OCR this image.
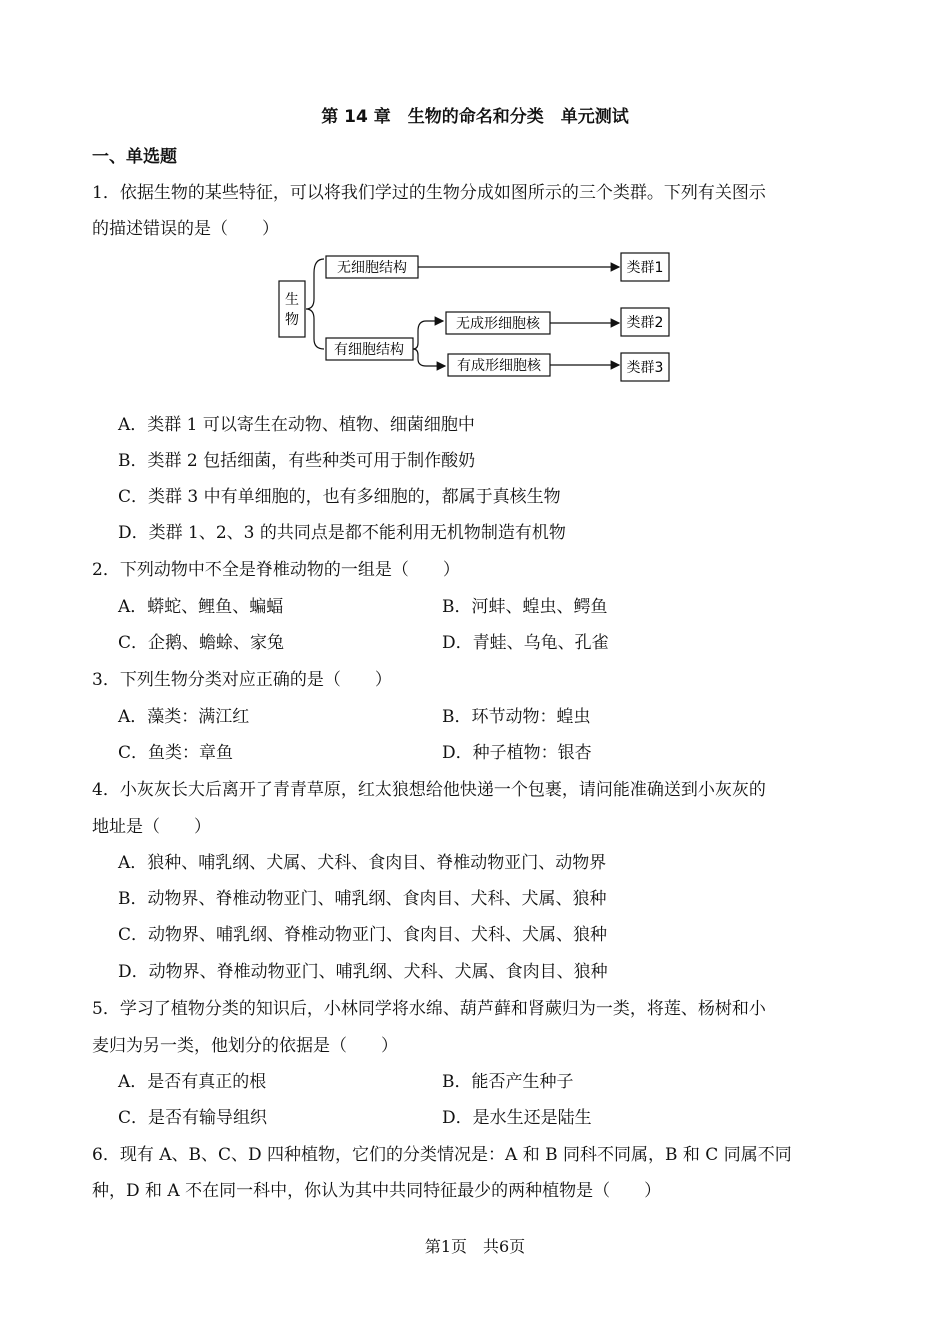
第 14 章　生物的命名和分类　单元测试
一、单选题
1．依据生物的某些特征，可以将我们学过的生物分成如图所示的三个类群。下列有关图示
的描述错误的是（　　）
生
物
无细胞结构
有细胞结构
无成形细胞核
有成形细胞核
类群1
类群2
类群3
A．类群 1 可以寄生在动物、植物、细菌细胞中
B．类群 2 包括细菌，有些种类可用于制作酸奶
C．类群 3 中有单细胞的，也有多细胞的，都属于真核生物
D．类群 1、2、3 的共同点是都不能利用无机物制造有机物
2．下列动物中不全是脊椎动物的一组是（　　）
A．蟒蛇、鲤鱼、蝙蝠	B．河蚌、蝗虫、鳄鱼
C．企鹅、蟾蜍、家兔	D．青蛙、乌龟、孔雀
3．下列生物分类对应正确的是（　　）
A．藻类：满江红	B．环节动物：蝗虫
C．鱼类：章鱼	D．种子植物：银杏
4．小灰灰长大后离开了青青草原，红太狼想给他快递一个包裹，请问能准确送到小灰灰的
地址是（　　）
A．狼种、哺乳纲、犬属、犬科、食肉目、脊椎动物亚门、动物界
B．动物界、脊椎动物亚门、哺乳纲、食肉目、犬科、犬属、狼种
C．动物界、哺乳纲、脊椎动物亚门、食肉目、犬科、犬属、狼种
D．动物界、脊椎动物亚门、哺乳纲、犬科、犬属、食肉目、狼种
5．学习了植物分类的知识后，小林同学将水绵、葫芦藓和肾蕨归为一类，将莲、杨树和小
麦归为另一类，他划分的依据是（　　）
A．是否有真正的根	B．能否产生种子
C．是否有输导组织	D．是水生还是陆生
6．现有 A、B、C、D 四种植物，它们的分类情况是：A 和 B 同科不同属，B 和 C 同属不同
种，D 和 A 不在同一科中，你认为其中共同特征最少的两种植物是（　　）
第1页　共6页
